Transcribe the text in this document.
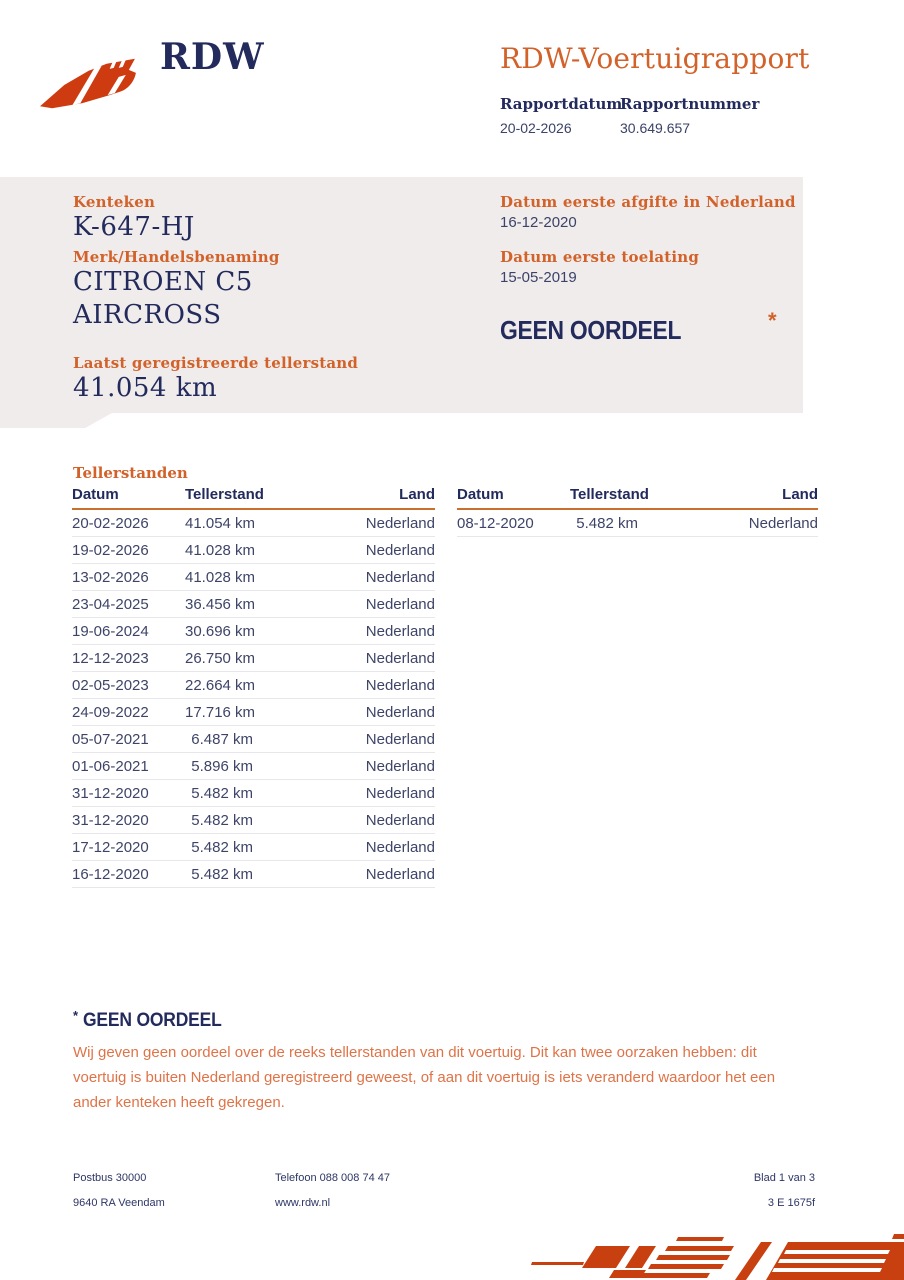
RDW	RDW-Voertuigrapport
Rapportdatum
20-02-2026
Rapportnummer
30.649.657
Kenteken
K-647-HJ
Merk/Handelsbenaming
CITROEN C5 AIRCROSS
Laatst geregistreerde tellerstand
41.054 km
Datum eerste afgifte in Nederland
16-12-2020
Datum eerste toelating
15-05-2019
GEEN OORDEEL	*
Tellerstanden
Datum	Tellerstand	Land
20-02-2026	41.054 km	Nederland
19-02-2026	41.028 km	Nederland
13-02-2026	41.028 km	Nederland
23-04-2025	36.456 km	Nederland
19-06-2024	30.696 km	Nederland
12-12-2023	26.750 km	Nederland
02-05-2023	22.664 km	Nederland
24-09-2022	17.716 km	Nederland
05-07-2021	6.487 km	Nederland
01-06-2021	5.896 km	Nederland
31-12-2020	5.482 km	Nederland
31-12-2020	5.482 km	Nederland
17-12-2020	5.482 km	Nederland
16-12-2020	5.482 km	Nederland
Datum	Tellerstand	Land
08-12-2020	5.482 km	Nederland
* GEEN OORDEEL
Wij geven geen oordeel over de reeks tellerstanden van dit voertuig. Dit kan twee oorzaken hebben: dit voertuig is buiten Nederland geregistreerd geweest, of aan dit voertuig is iets veranderd waardoor het een ander kenteken heeft gekregen.
Postbus 30000
9640 RA Veendam
Telefoon 088 008 74 47
www.rdw.nl
Blad 1 van 3
3 E 1675f
